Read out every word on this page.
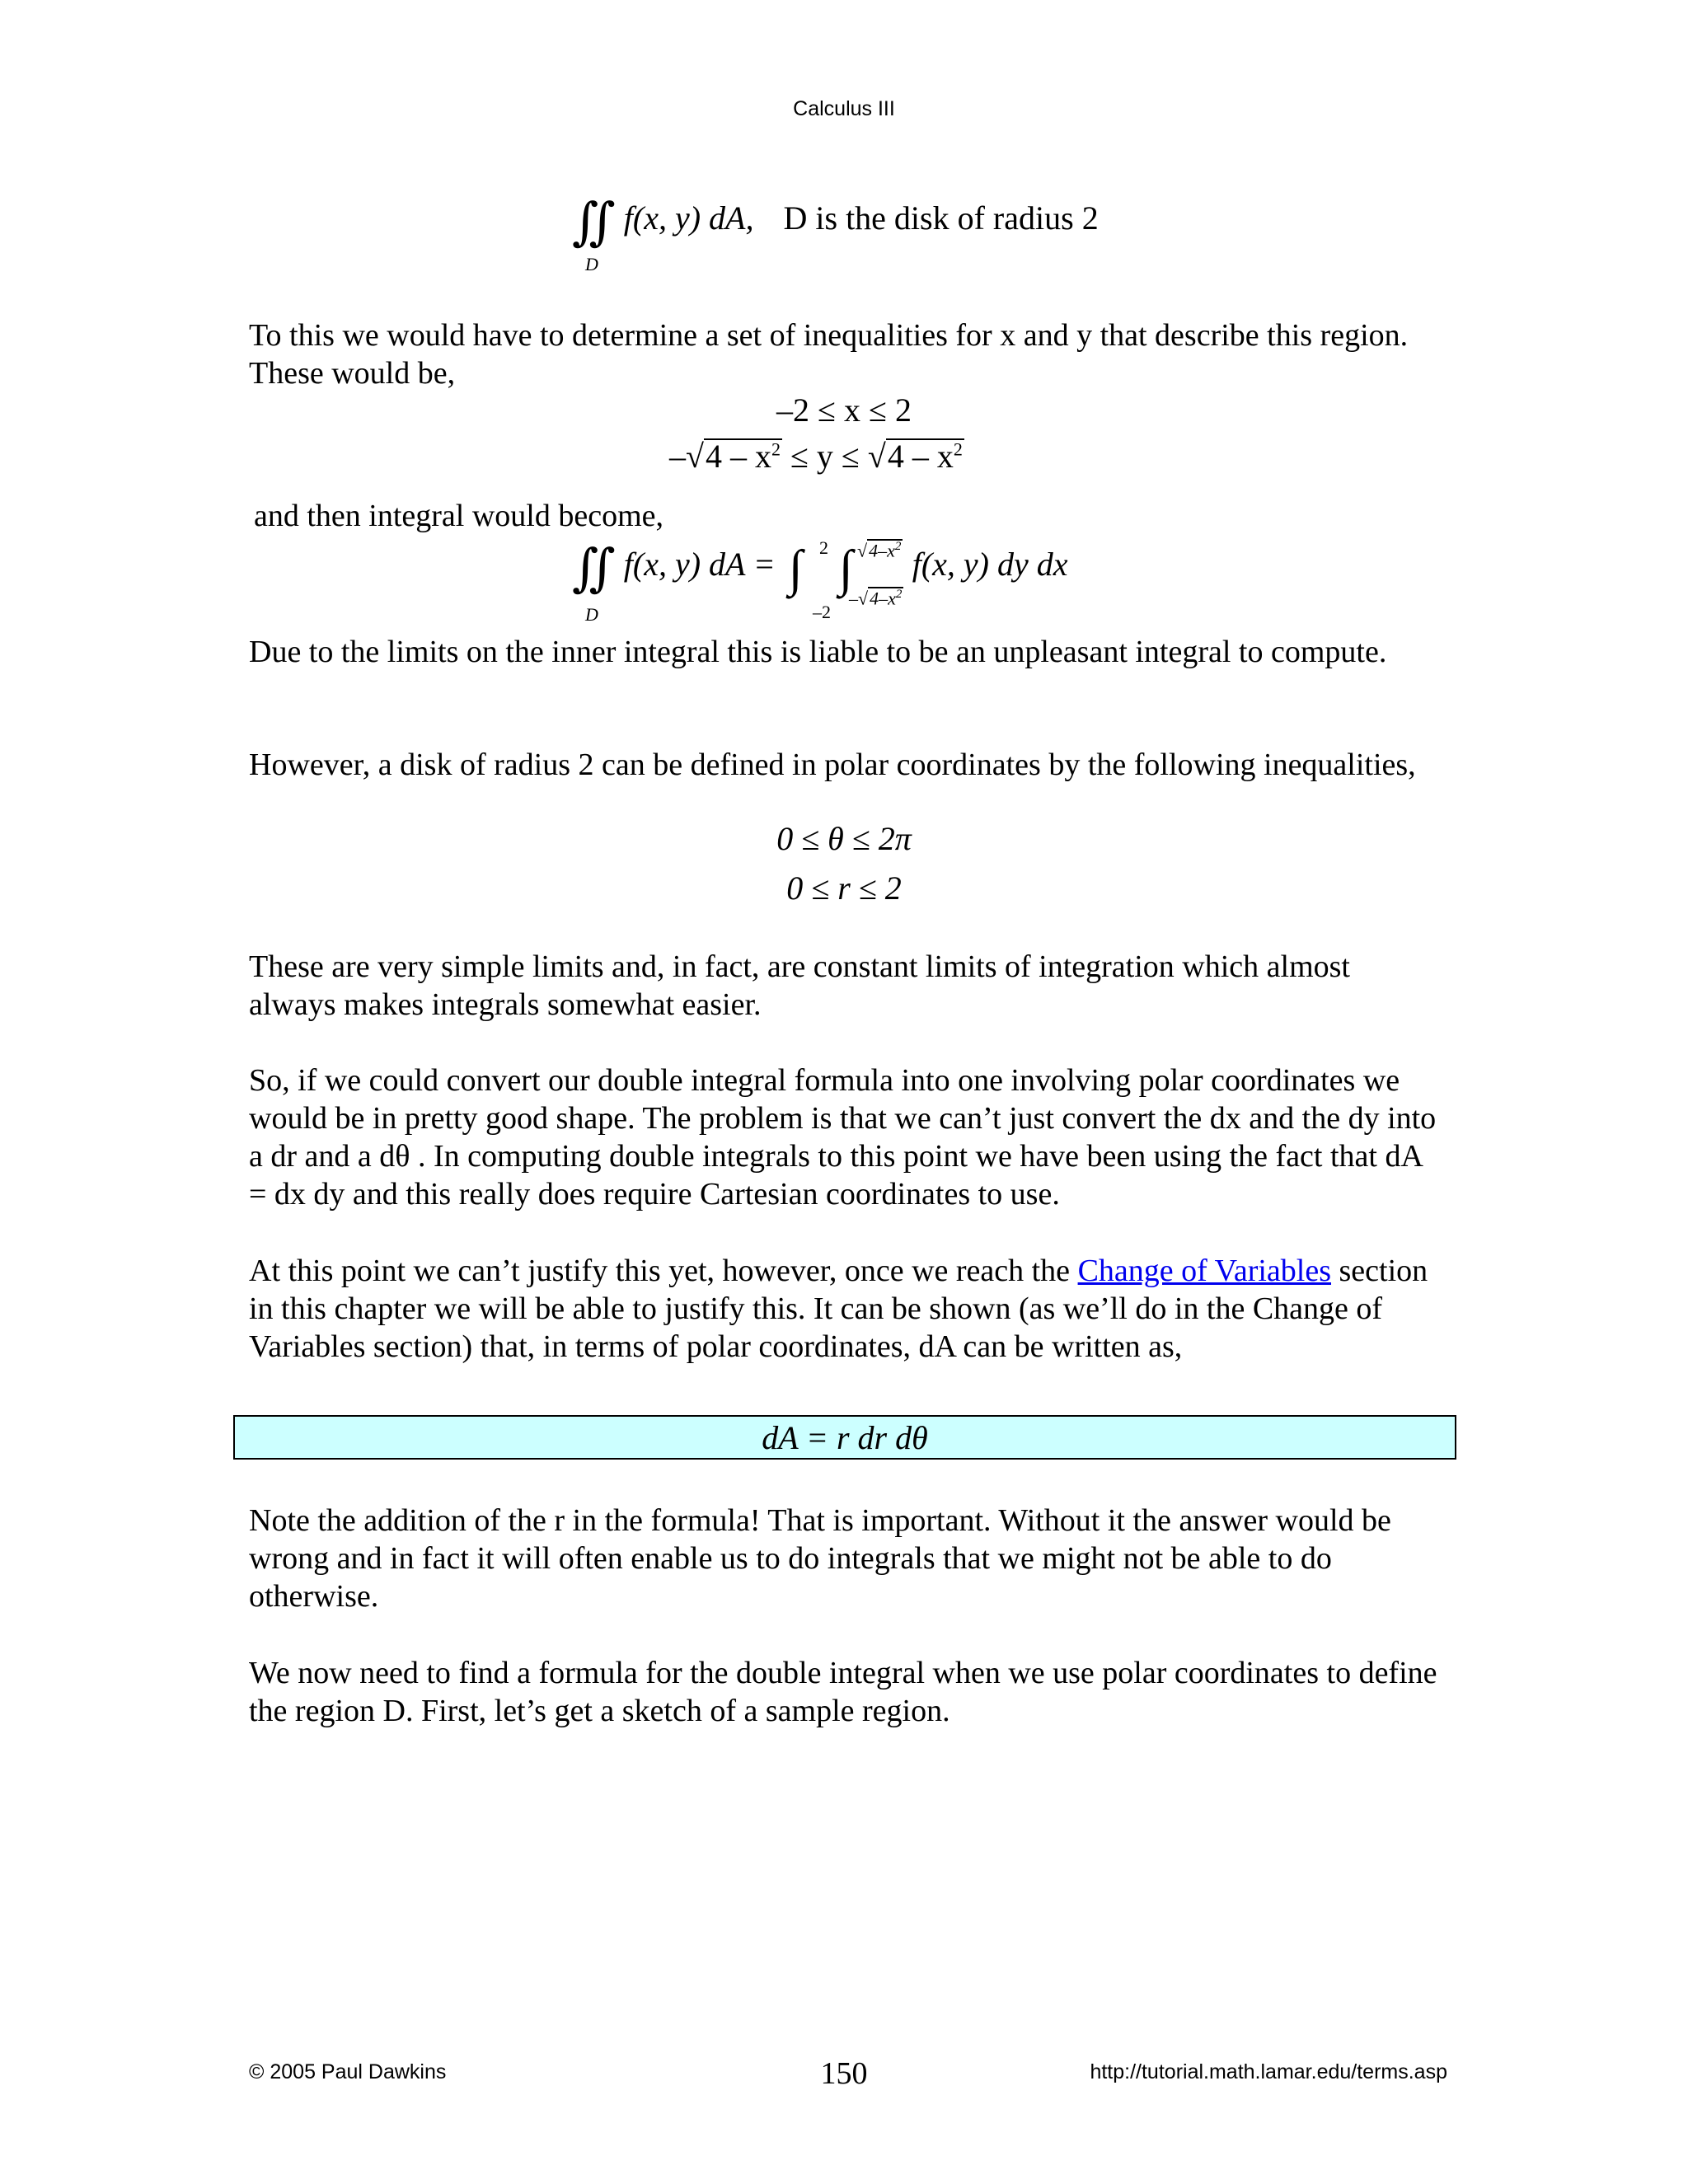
Calculus III
∬ f(x, y) dA, D is the disk of radius 2
D
To this we would have to determine a set of inequalities for x and y that describe this region. These would be,
–2 ≤ x ≤ 2
$-√4 - x^2 \le y \le √4 - x^2$
and then integral would become,
∬ f(x, y) dA = ∫ ∫ f(x, y) dy dx
D
2
–2
$√4-x^2$
$-√4-x^2$
Due to the limits on the inner integral this is liable to be an unpleasant integral to compute.
However, a disk of radius 2 can be defined in polar coordinates by the following inequalities,
0 ≤ θ ≤ 2π
0 ≤ r ≤ 2
These are very simple limits and, in fact, are constant limits of integration which almost always makes integrals somewhat easier.
So, if we could convert our double integral formula into one involving polar coordinates we would be in pretty good shape. The problem is that we can’t just convert the dx and the dy into a dr and a dθ . In computing double integrals to this point we have been using the fact that dA = dx dy and this really does require Cartesian coordinates to use.
At this point we can’t justify this yet, however, once we reach the Change of Variables section in this chapter we will be able to justify this. It can be shown (as we’ll do in the Change of Variables section) that, in terms of polar coordinates, dA can be written as,
dA = r dr dθ
Note the addition of the r in the formula! That is important. Without it the answer would be wrong and in fact it will often enable us to do integrals that we might not be able to do otherwise.
We now need to find a formula for the double integral when we use polar coordinates to define the region D. First, let’s get a sketch of a sample region.
© 2005 Paul Dawkins	150	http://tutorial.math.lamar.edu/terms.asp
